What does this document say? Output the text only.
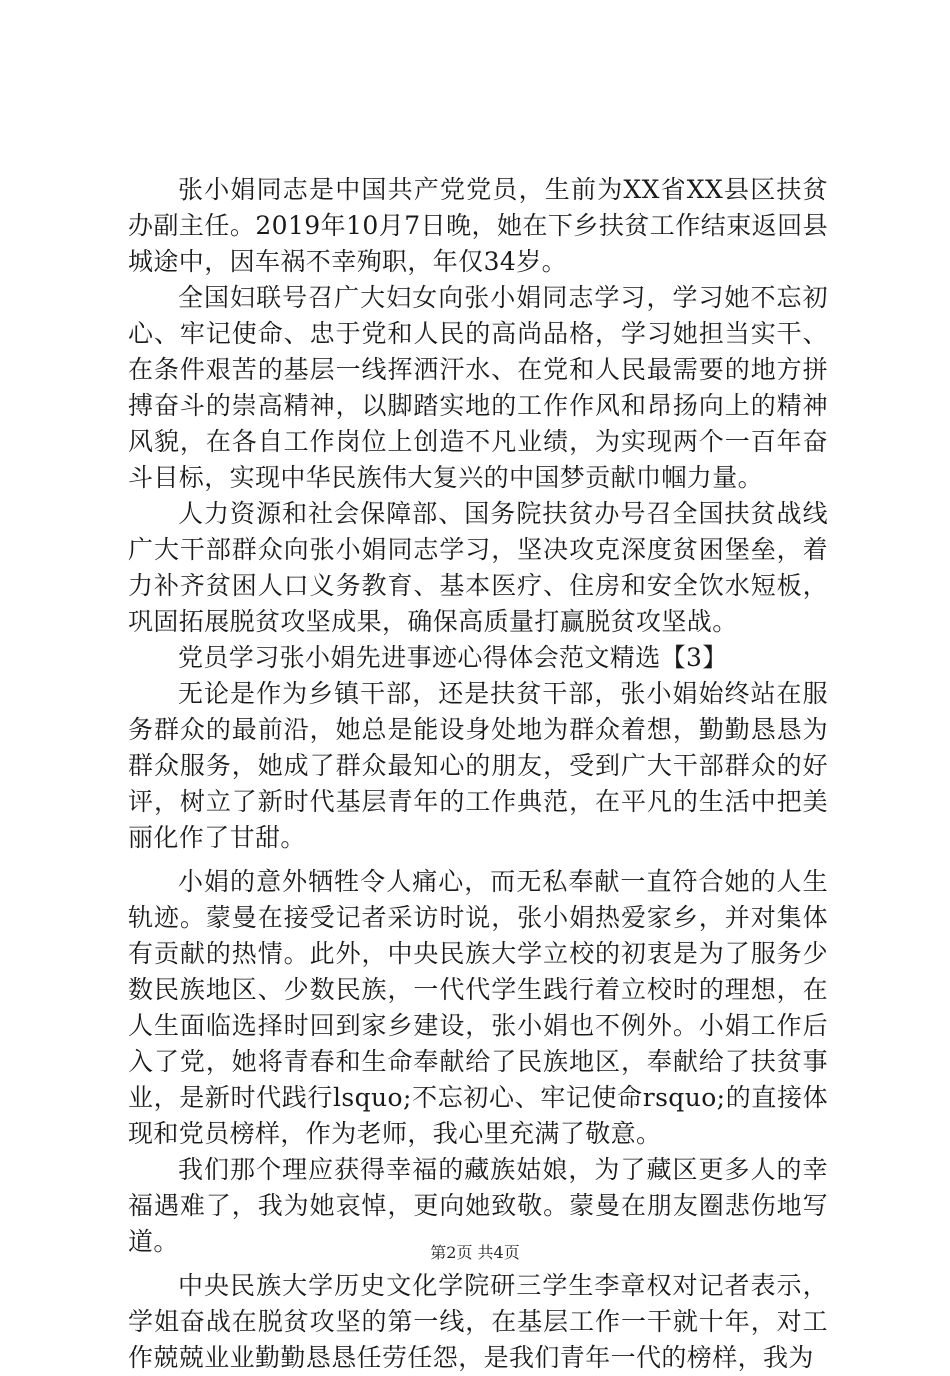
张小娟同志是中国共产党党员，生前为XX省XX县区扶贫办副主任。2019年10月7日晚，她在下乡扶贫工作结束返回县城途中，因车祸不幸殉职，年仅34岁。

全国妇联号召广大妇女向张小娟同志学习，学习她不忘初心、牢记使命、忠于党和人民的高尚品格，学习她担当实干、在条件艰苦的基层一线挥洒汗水、在党和人民最需要的地方拼搏奋斗的崇高精神，以脚踏实地的工作作风和昂扬向上的精神风貌，在各自工作岗位上创造不凡业绩，为实现两个一百年奋斗目标，实现中华民族伟大复兴的中国梦贡献巾帼力量。

人力资源和社会保障部、国务院扶贫办号召全国扶贫战线广大干部群众向张小娟同志学习，坚决攻克深度贫困堡垒，着力补齐贫困人口义务教育、基本医疗、住房和安全饮水短板，巩固拓展脱贫攻坚成果，确保高质量打赢脱贫攻坚战。

党员学习张小娟先进事迹心得体会范文精选【3】

无论是作为乡镇干部，还是扶贫干部，张小娟始终站在服务群众的最前沿，她总是能设身处地为群众着想，勤勤恳恳为群众服务，她成了群众最知心的朋友，受到广大干部群众的好评，树立了新时代基层青年的工作典范，在平凡的生活中把美丽化作了甘甜。

小娟的意外牺牲令人痛心，而无私奉献一直符合她的人生轨迹。蒙曼在接受记者采访时说，张小娟热爱家乡，并对集体有贡献的热情。此外，中央民族大学立校的初衷是为了服务少数民族地区、少数民族，一代代学生践行着立校时的理想，在人生面临选择时回到家乡建设，张小娟也不例外。小娟工作后入了党，她将青春和生命奉献给了民族地区，奉献给了扶贫事业，是新时代践行lsquo;不忘初心、牢记使命rsquo;的直接体现和党员榜样，作为老师，我心里充满了敬意。

我们那个理应获得幸福的藏族姑娘，为了藏区更多人的幸福遇难了，我为她哀悼，更向她致敬。蒙曼在朋友圈悲伤地写道。

中央民族大学历史文化学院研三学生李章权对记者表示，学姐奋战在脱贫攻坚的第一线，在基层工作一干就十年，对工作兢兢业业勤勤恳恳任劳任怨，是我们青年一代的榜样，我为

第2页 共4页
